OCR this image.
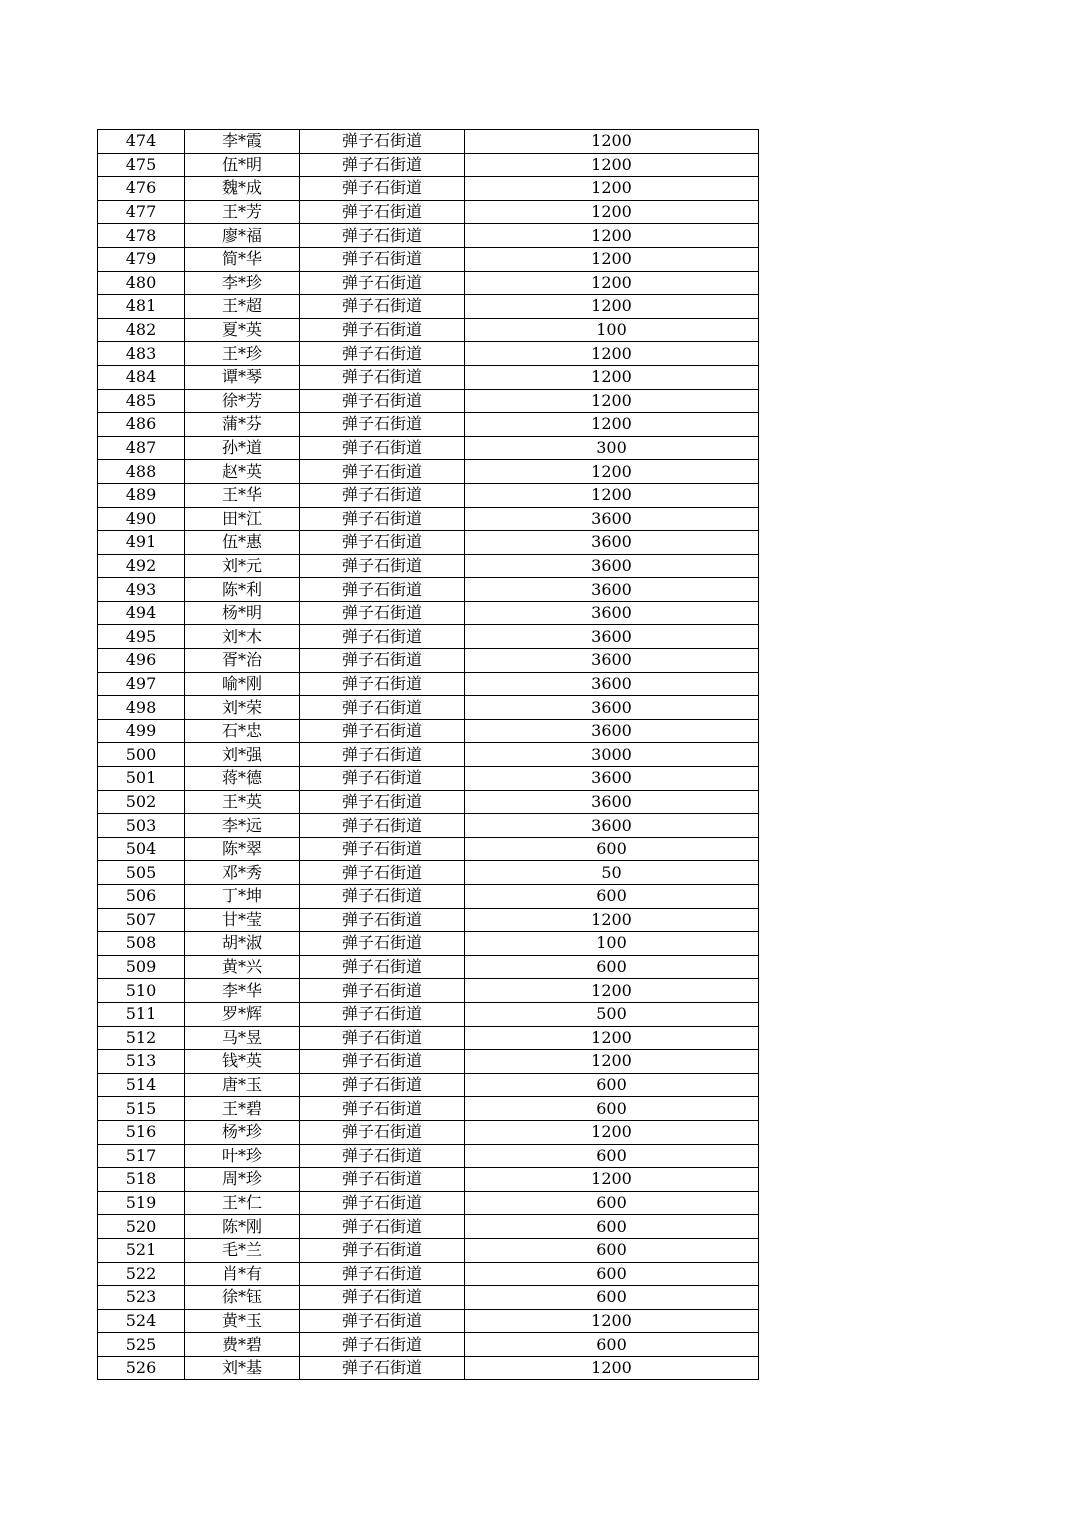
474	李*霞	弹子石街道	1200
475	伍*明	弹子石街道	1200
476	魏*成	弹子石街道	1200
477	王*芳	弹子石街道	1200
478	廖*福	弹子石街道	1200
479	简*华	弹子石街道	1200
480	李*珍	弹子石街道	1200
481	王*超	弹子石街道	1200
482	夏*英	弹子石街道	100
483	王*珍	弹子石街道	1200
484	谭*琴	弹子石街道	1200
485	徐*芳	弹子石街道	1200
486	蒲*芬	弹子石街道	1200
487	孙*道	弹子石街道	300
488	赵*英	弹子石街道	1200
489	王*华	弹子石街道	1200
490	田*江	弹子石街道	3600
491	伍*惠	弹子石街道	3600
492	刘*元	弹子石街道	3600
493	陈*利	弹子石街道	3600
494	杨*明	弹子石街道	3600
495	刘*木	弹子石街道	3600
496	胥*治	弹子石街道	3600
497	喻*刚	弹子石街道	3600
498	刘*荣	弹子石街道	3600
499	石*忠	弹子石街道	3600
500	刘*强	弹子石街道	3000
501	蒋*德	弹子石街道	3600
502	王*英	弹子石街道	3600
503	李*远	弹子石街道	3600
504	陈*翠	弹子石街道	600
505	邓*秀	弹子石街道	50
506	丁*坤	弹子石街道	600
507	甘*莹	弹子石街道	1200
508	胡*淑	弹子石街道	100
509	黄*兴	弹子石街道	600
510	李*华	弹子石街道	1200
511	罗*辉	弹子石街道	500
512	马*昱	弹子石街道	1200
513	钱*英	弹子石街道	1200
514	唐*玉	弹子石街道	600
515	王*碧	弹子石街道	600
516	杨*珍	弹子石街道	1200
517	叶*珍	弹子石街道	600
518	周*珍	弹子石街道	1200
519	王*仁	弹子石街道	600
520	陈*刚	弹子石街道	600
521	毛*兰	弹子石街道	600
522	肖*有	弹子石街道	600
523	徐*钰	弹子石街道	600
524	黄*玉	弹子石街道	1200
525	费*碧	弹子石街道	600
526	刘*基	弹子石街道	1200
